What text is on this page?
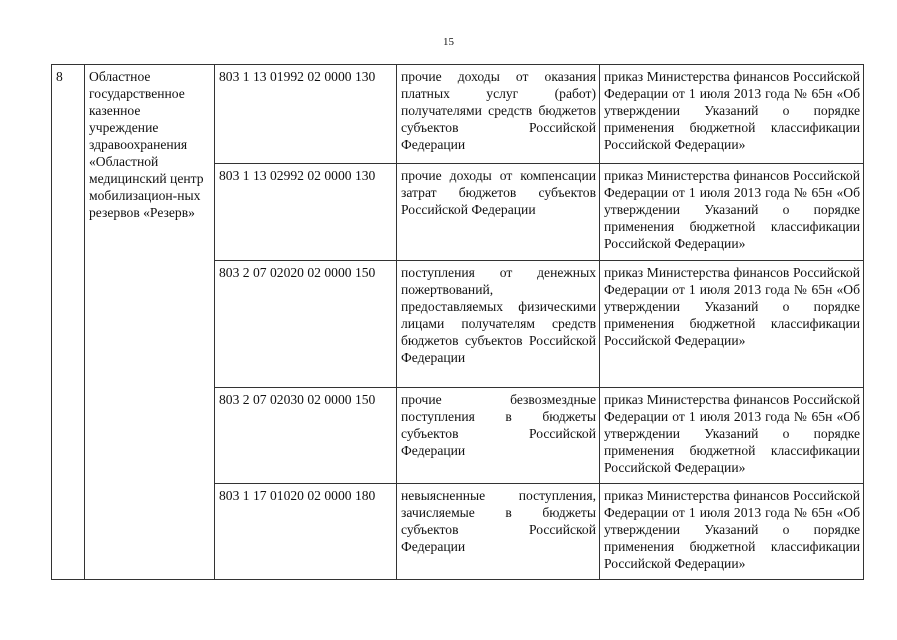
15
8	Областное государственное казенное учреждение здравоохранения «Областной медицинский центр мобилизацион-ных резервов «Резерв»	803 1 13 01992 02 0000 130	прочие доходы от оказания платных услуг (работ) получателями средств бюджетов субъектов Российской Федерации	приказ Министерства финансов Российской Федерации от 1 июля 2013 года № 65н «Об утверждении Указаний о порядке применения бюджетной классификации Российской Федерации»
		803 1 13 02992 02 0000 130	прочие доходы от компенсации затрат бюджетов субъектов Российской Федерации	приказ Министерства финансов Российской Федерации от 1 июля 2013 года № 65н «Об утверждении Указаний о порядке применения бюджетной классификации Российской Федерации»
		803 2 07 02020 02 0000 150	поступления от денежных пожертвований, предоставляемых физическими лицами получателям средств бюджетов субъектов Российской Федерации	приказ Министерства финансов Российской Федерации от 1 июля 2013 года № 65н «Об утверждении Указаний о порядке применения бюджетной классификации Российской Федерации»
		803 2 07 02030 02 0000 150	прочие безвозмездные поступления в бюджеты субъектов Российской Федерации	приказ Министерства финансов Российской Федерации от 1 июля 2013 года № 65н «Об утверждении Указаний о порядке применения бюджетной классификации Российской Федерации»
		803 1 17 01020 02 0000 180	невыясненные поступления, зачисляемые в бюджеты субъектов Российской Федерации	приказ Министерства финансов Российской Федерации от 1 июля 2013 года № 65н «Об утверждении Указаний о порядке применения бюджетной классификации Российской Федерации»
